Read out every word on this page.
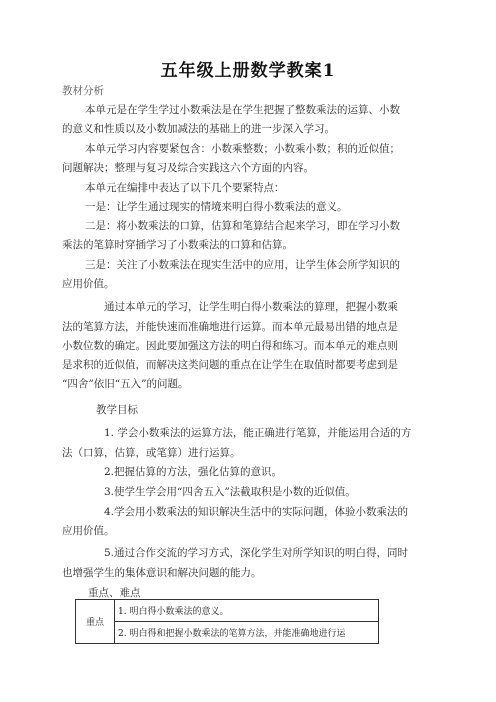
五年级上册数学教案1
教材分析
本单元是在学生学过小数乘法是在学生把握了整数乘法的运算、小数
的意义和性质以及小数加减法的基础上的进一步深入学习。
本单元学习内容要紧包含：小数乘整数；小数乘小数；积的近似值；
问题解决；整理与复习及综合实践这六个方面的内容。
本单元在编排中表达了以下几个要紧特点：
一是：让学生通过现实的情境来明白得小数乘法的意义。
二是：将小数乘法的口算，估算和笔算结合起来学习，即在学习小数
乘法的笔算时穿插学习了小数乘法的口算和估算。
三是：关注了小数乘法在现实生活中的应用，让学生体会所学知识的
应用价值。
通过本单元的学习，让学生明白得小数乘法的算理，把握小数乘
法的笔算方法，并能快速而准确地进行运算。而本单元最易出错的地点是
小数位数的确定。因此要加强这方法的明白得和练习。而本单元的难点则
是求积的近似值，而解决这类问题的重点在让学生在取值时都要考虑到是
“四舍”依旧“五入”的问题。
教学目标
1. 学会小数乘法的运算方法，能正确进行笔算，并能运用合适的方
法（口算，估算，或笔算）进行运算。
2.把握估算的方法，强化估算的意识。
3.使学生学会用“四舍五入”法截取积是小数的近似值。
4.学会用小数乘法的知识解决生活中的实际问题，体验小数乘法的
应用价值。
5.通过合作交流的学习方式，深化学生对所学知识的明白得，同时
也增强学生的集体意识和解决问题的能力。
重点、难点
重点	1. 明白得小数乘法的意义。
2. 明白得和把握小数乘法的笔算方法，并能准确地进行运
